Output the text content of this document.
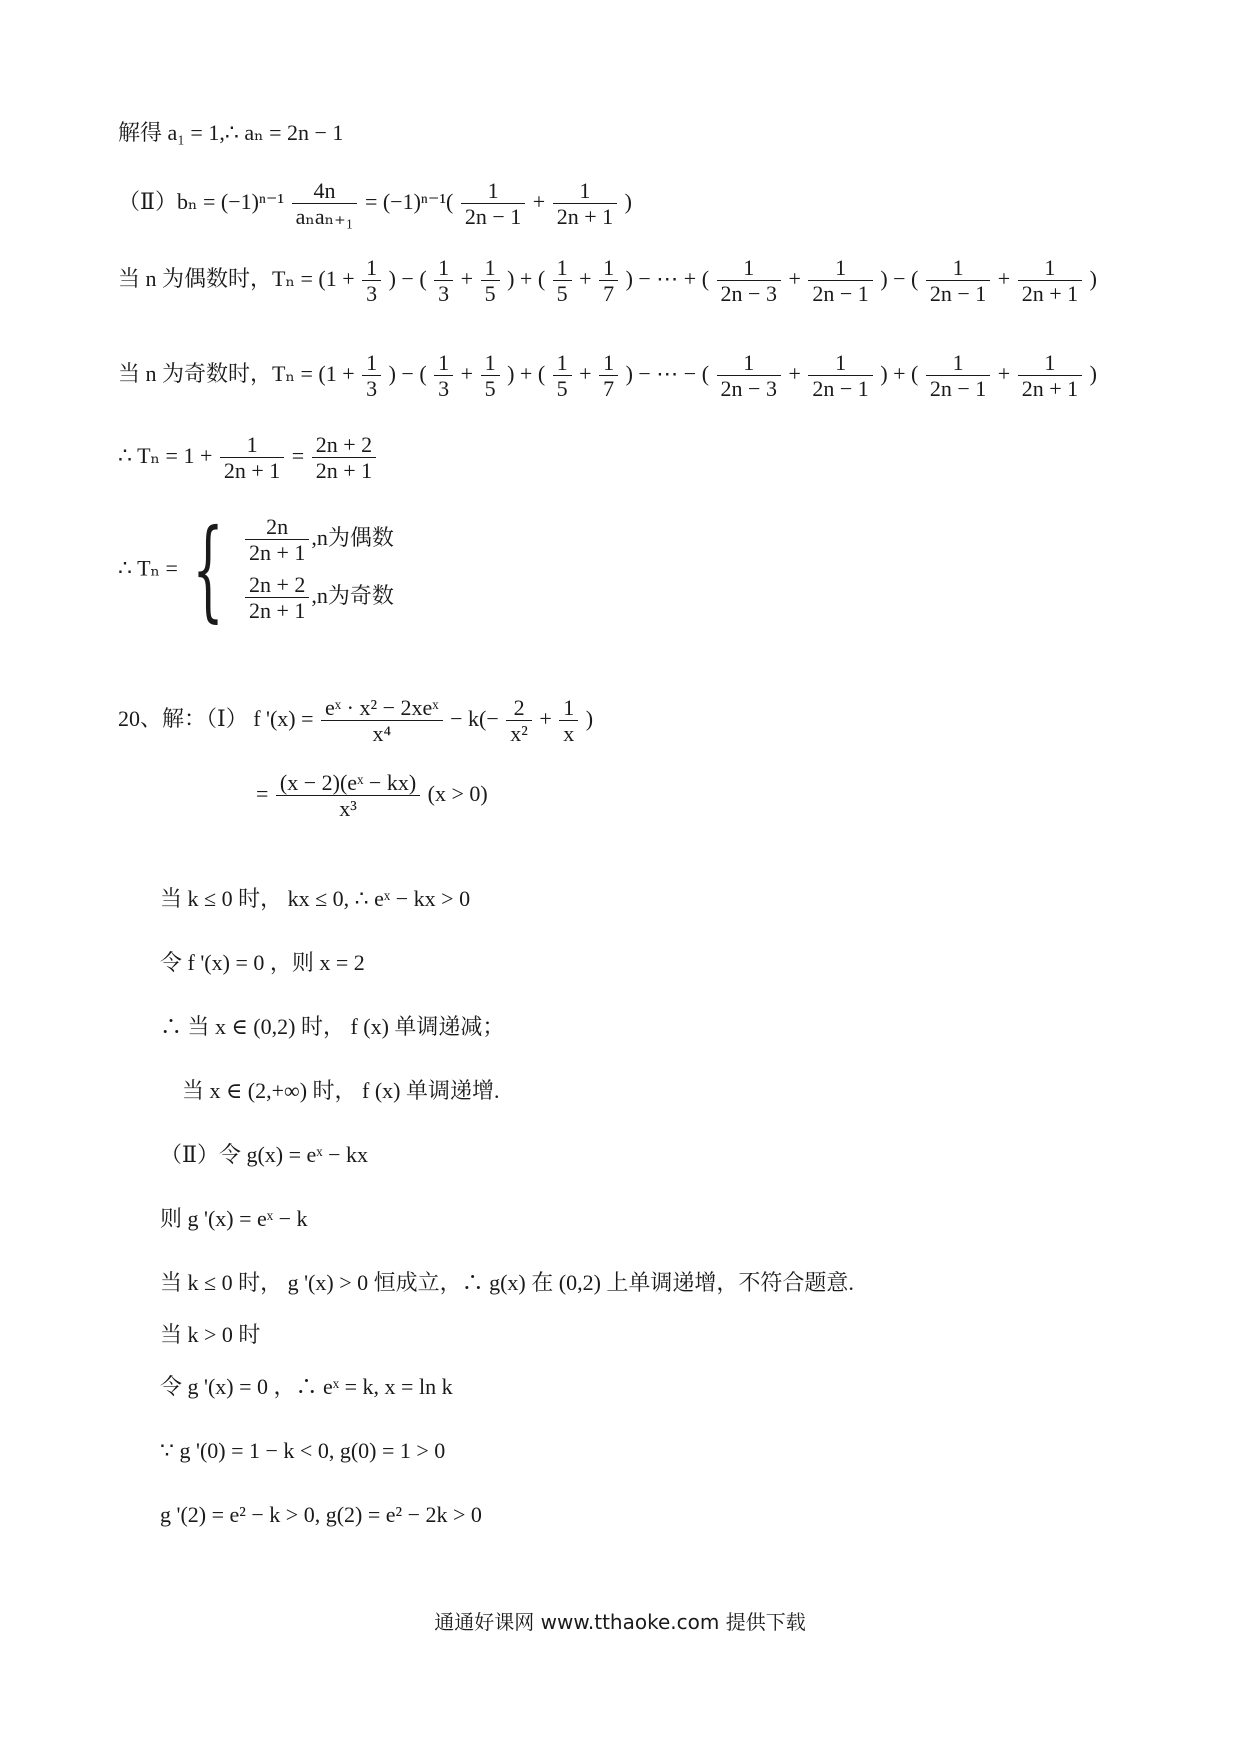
解得 a₁ = 1,∴ aₙ = 2n − 1
（Ⅱ）bₙ = $(-1)^{n-1} \frac{4n}{\text{aₙaₙ₊₁}} = (-1)^{n-1}( \frac{1}{2n - 1} + \frac{1}{2n + 1}$ )
当 n 为偶数时，$T_n = (1 + \frac{1}{3}$ ) − ( $\frac{1}{3} + \frac{1}{5}$ ) + ( $\frac{1}{5} + \frac{1}{7}$ ) − ⋯ + ( $\frac{1}{2n - 3} + \frac{1}{2n - 1}$ ) − ( $\frac{1}{2n - 1} + \frac{1}{2n + 1}$ )
当 n 为奇数时，$T_n = (1 + \frac{1}{3}$ ) − ( $\frac{1}{3} + \frac{1}{5}$ ) + ( $\frac{1}{5} + \frac{1}{7}$ ) − ⋯ − ( $\frac{1}{2n - 3} + \frac{1}{2n - 1}$ ) + ( $\frac{1}{2n - 1} + \frac{1}{2n + 1}$ )
∴ $T_n = 1 + \frac{1}{2n + 1} = \frac{2n + 2}{2n + 1}$
∴ Tₙ = { $\frac{2n}{2n + 1} ,n$为偶数
$\frac{2n + 2}{2n + 1} ,n$为奇数
20、解：（Ⅰ） f '$(x) = \frac{\text{eˣ · x² − 2xeˣ}}{\text{x⁴}} - k(- \frac{2}{\text{x²}} + \frac{1}{x}$ )
= $\frac{\text{(x − 2)(eˣ − kx)}}{\text{x³}} (x > 0)$
当 k ≤ 0 时， kx ≤ 0, ∴ eˣ − kx > 0
令 f '(x) = 0 ，则 x = 2
∴ 当 x ∈ (0,2) 时， f (x) 单调递减；
当 x ∈ (2,+∞) 时， f (x) 单调递增.
（Ⅱ）令 g(x) = eˣ − kx
则 g '(x) = eˣ − k
当 k ≤ 0 时， g '(x) > 0 恒成立，∴ g(x) 在 (0,2) 上单调递增，不符合题意.
当 k > 0 时
令 g '(x) = 0 ，∴ eˣ = k, x = ln k
∵ g '(0) = 1 − k < 0, g(0) = 1 > 0
g '(2) = e² − k > 0, g(2) = e² − 2k > 0
通通好课网 www.tthaoke.com 提供下载
